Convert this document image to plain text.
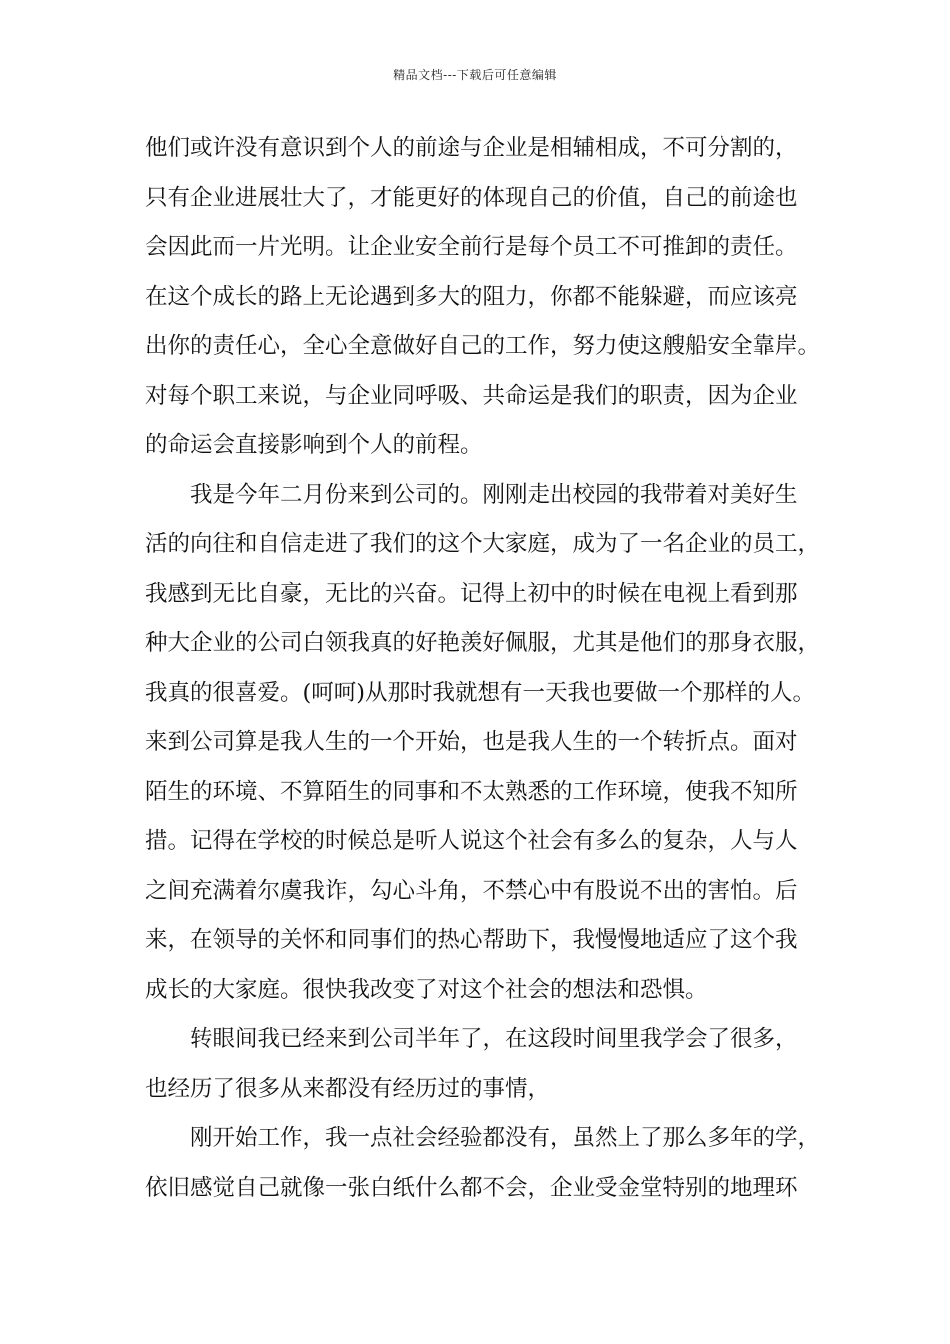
精品文档---下载后可任意编辑
他们或许没有意识到个人的前途与企业是相辅相成，不可分割的，
只有企业进展壮大了，才能更好的体现自己的价值，自己的前途也
会因此而一片光明。让企业安全前行是每个员工不可推卸的责任。
在这个成长的路上无论遇到多大的阻力，你都不能躲避，而应该亮
出你的责任心，全心全意做好自己的工作，努力使这艘船安全靠岸。
对每个职工来说，与企业同呼吸、共命运是我们的职责，因为企业
的命运会直接影响到个人的前程。
我是今年二月份来到公司的。刚刚走出校园的我带着对美好生
活的向往和自信走进了我们的这个大家庭，成为了一名企业的员工，
我感到无比自豪，无比的兴奋。记得上初中的时候在电视上看到那
种大企业的公司白领我真的好艳羡好佩服，尤其是他们的那身衣服，
我真的很喜爱。(呵呵)从那时我就想有一天我也要做一个那样的人。
来到公司算是我人生的一个开始，也是我人生的一个转折点。面对
陌生的环境、不算陌生的同事和不太熟悉的工作环境，使我不知所
措。记得在学校的时候总是听人说这个社会有多么的复杂，人与人
之间充满着尔虞我诈，勾心斗角，不禁心中有股说不出的害怕。后
来，在领导的关怀和同事们的热心帮助下，我慢慢地适应了这个我
成长的大家庭。很快我改变了对这个社会的想法和恐惧。
转眼间我已经来到公司半年了，在这段时间里我学会了很多，
也经历了很多从来都没有经历过的事情，
刚开始工作，我一点社会经验都没有，虽然上了那么多年的学，
依旧感觉自己就像一张白纸什么都不会，企业受金堂特别的地理环
